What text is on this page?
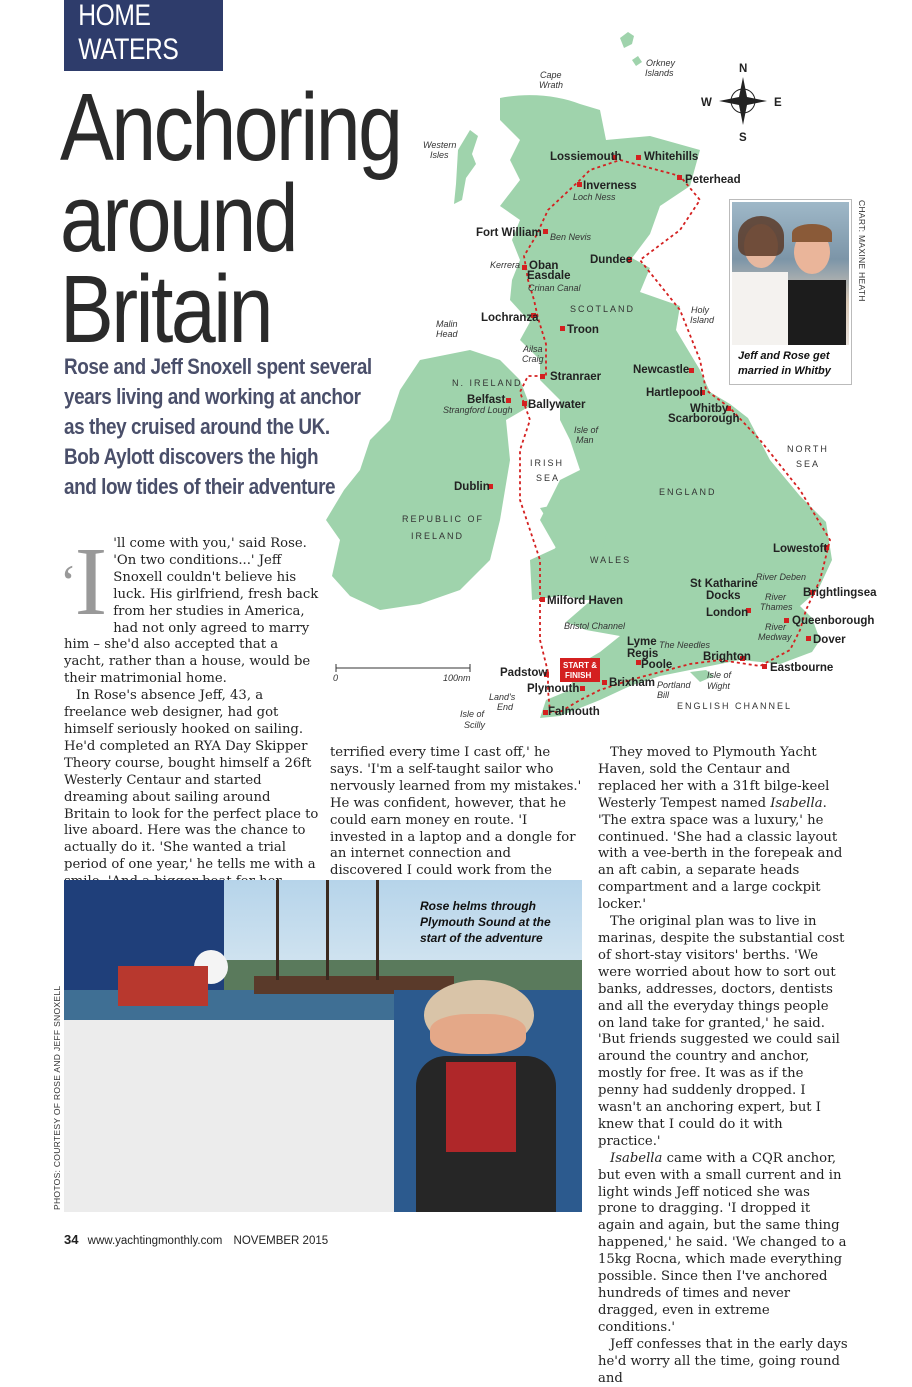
HOME WATERS
Anchoring
around
Britain
Rose and Jeff Snoxell spent several
years living and working at anchor
as they cruised around the UK.
Bob Aylott discovers the high
and low tides of their adventure
N
S
W	E
Lossiemouth Whitehills
Peterhead
Inverness
Fort William
Oban
Easdale
Dundee
Lochranza
Troon
Stranraer
Newcastle
Belfast Ballywater
Hartlepool
Whitby
Scarborough
Dublin
Lowestoft
Brightlingsea
St Katharine
Docks
London
Queenborough
Dover
Milford Haven
Lyme
Regis
Poole
Brighton
Eastbourne
Padstow
Plymouth	Brixham
Falmouth
Orkney
Islands
Cape
Wrath
Western
Isles
Loch Ness
Ben Nevis
Kerrera
Crinan Canal
Malin
Head
Ailsa
Craig
Holy
Island
Strangford Lough
Isle of
Man
River Deben
River
Thames
River
Medway
Bristol Channel
The Needles
Portland
Bill
Isle of
Wight
Land's
End
Isle of
Scilly
SCOTLAND
N. IRELAND
IRISH
SEA
ENGLAND
NORTH
SEA
REPUBLIC OF
IRELAND
WALES
ENGLISH CHANNEL
START &
FINISH
0	100nm
CHART: MAXINE HEATH
Jeff and Rose get
married in Whitby
‘I 'll come with you,' said Rose. 'On two conditions...' Jeff Snoxell couldn't believe his luck. His girlfriend, fresh back from her studies in America, had not only agreed to marry him – she'd also accepted that a yacht, rather than a house, would be their matrimonial home.

In Rose's absence Jeff, 43, a freelance web designer, had got himself seriously hooked on sailing. He'd completed an RYA Day Skipper Theory course, bought himself a 26ft Westerly Centaur and started dreaming about sailing around Britain to look for the perfect place to live aboard. Here was the chance to actually do it. 'She wanted a trial period of one year,' he tells me with a

terrified every time I cast off,' he says. 'I'm a self-taught sailor who nervously learned from my mistakes.' He was confident, however, that he could earn money en route. 'I invested in a laptop and a dongle for an internet connection and discovered I could work from the

They moved to Plymouth Yacht Haven, sold the Centaur and replaced her with a 31ft bilge-keel Westerly Tempest named Isabella. 'The extra space was a luxury,' he continued. 'She had a classic layout with a vee-berth in the forepeak and an aft cabin, a separate heads compartment and a large cockpit locker.'

The original plan was to live in marinas, despite the substantial cost of short-stay visitors' berths. 'We were worried about how to sort out banks, addresses, doctors, dentists and all the everyday things people on land take for granted,' he said. 'But friends suggested we could sail around the country and anchor, mostly for free. It was as if the penny had suddenly dropped. I wasn't an anchoring expert, but I knew that I could do it with practice.'

Isabella came with a CQR anchor, but even with a small current and in light winds Jeff noticed she was prone to dragging. 'I dropped it again and again, but the same thing happened,' he said. 'We changed to a 15kg Rocna, which made everything possible. Since then I've anchored hundreds of times and never dragged, even in extreme conditions.'

Jeff confesses that in the early days he'd worry all the time, going round and

Rose helms through
Plymouth Sound at the
start of the adventure
PHOTOS: COURTESY OF ROSE AND JEFF SNOXELL
34 www.yachtingmonthly.com NOVEMBER 2015
